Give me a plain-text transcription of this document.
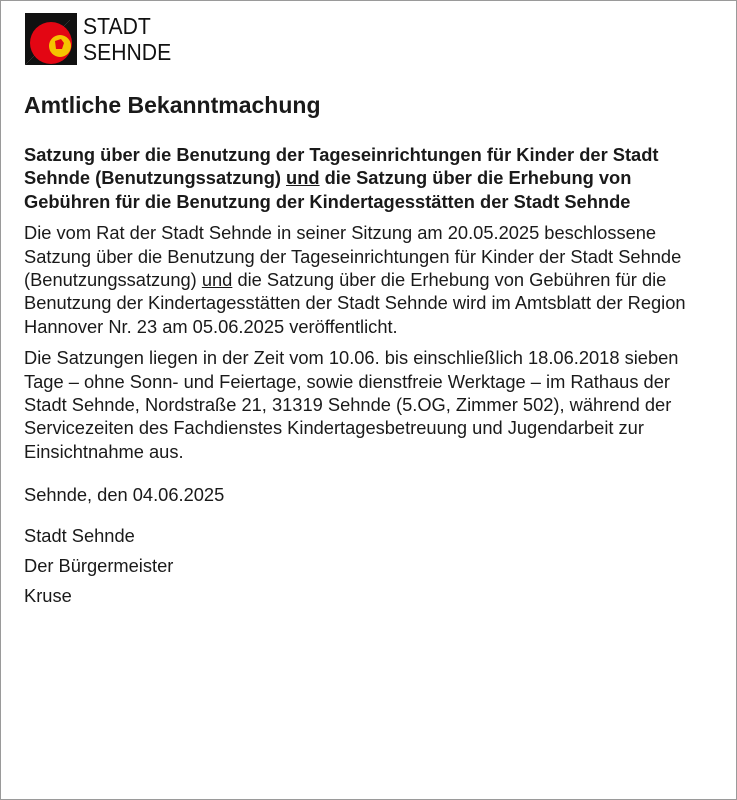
STADT
SEHNDE
Amtliche Bekanntmachung

Satzung über die Benutzung der Tageseinrichtungen für Kinder der Stadt Sehnde (Benutzungssatzung) und die Satzung über die Erhebung von Gebühren für die Benutzung der Kindertagesstätten der Stadt Sehnde

Die vom Rat der Stadt Sehnde in seiner Sitzung am 20.05.2025 beschlossene Satzung über die Benutzung der Tageseinrichtungen für Kinder der Stadt Sehnde (Benutzungssatzung) und die Satzung über die Erhebung von Gebühren für die Benutzung der Kindertagesstätten der Stadt Sehnde wird im Amtsblatt der Region Hannover Nr. 23 am 05.06.2025 veröffentlicht.

Die Satzungen liegen in der Zeit vom 10.06. bis einschließlich 18.06.2018 sieben Tage – ohne Sonn- und Feiertage, sowie dienstfreie Werktage – im Rathaus der Stadt Sehnde, Nordstraße 21, 31319 Sehnde (5.OG, Zimmer 502), während der Servicezeiten des Fachdienstes Kindertagesbetreuung und Jugendarbeit zur Einsichtnahme aus.

Sehnde, den 04.06.2025

Stadt Sehnde
Der Bürgermeister
Kruse
